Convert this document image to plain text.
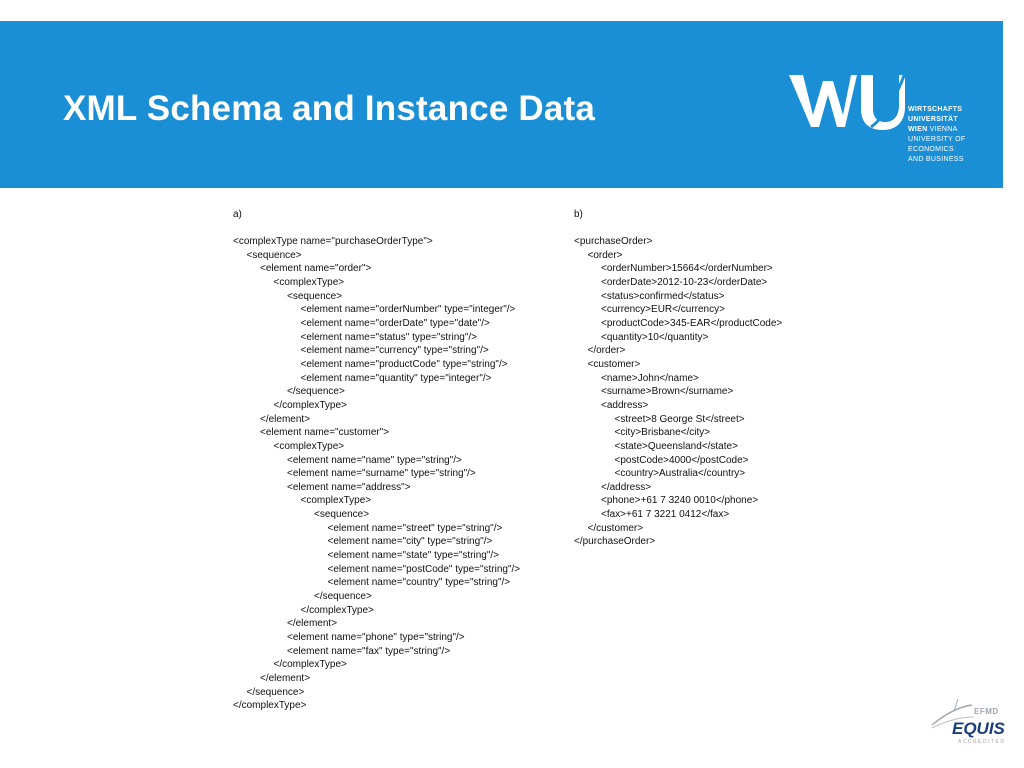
XML Schema and Instance Data	WIRTSCHAFTS
UNIVERSITÄT
WIEN VIENNA
UNIVERSITY OF
ECONOMICS
AND BUSINESS
a)
<complexType name="purchaseOrderType">
<sequence>
<element name="order">
<complexType>
<sequence>
<element name="orderNumber" type="integer"/>
<element name="orderDate" type="date"/>
<element name="status" type="string"/>
<element name="currency" type="string"/>
<element name="productCode" type="string"/>
<element name="quantity" type="integer"/>
</sequence>
</complexType>
</element>
<element name="customer">
<complexType>
<element name="name" type="string"/>
<element name="surname" type="string"/>
<element name="address">
<complexType>
<sequence>
<element name="street" type="string"/>
<element name="city" type="string"/>
<element name="state" type="string"/>
<element name="postCode" type="string"/>
<element name="country" type="string"/>
</sequence>
</complexType>
</element>
<element name="phone" type="string"/>
<element name="fax" type="string"/>
</complexType>
</element>
</sequence>
</complexType>
b)
<purchaseOrder>
<order>
<orderNumber>15664</orderNumber>
<orderDate>2012-10-23</orderDate>
<status>confirmed</status>
<currency>EUR</currency>
<productCode>345-EAR</productCode>
<quantity>10</quantity>
</order>
<customer>
<name>John</name>
<surname>Brown</surname>
<address>
<street>8 George St</street>
<city>Brisbane</city>
<state>Queensland</state>
<postCode>4000</postCode>
<country>Australia</country>
</address>
<phone>+61 7 3240 0010</phone>
<fax>+61 7 3221 0412</fax>
</customer>
</purchaseOrder>
EFMD
EQUIS
ACCREDITED
